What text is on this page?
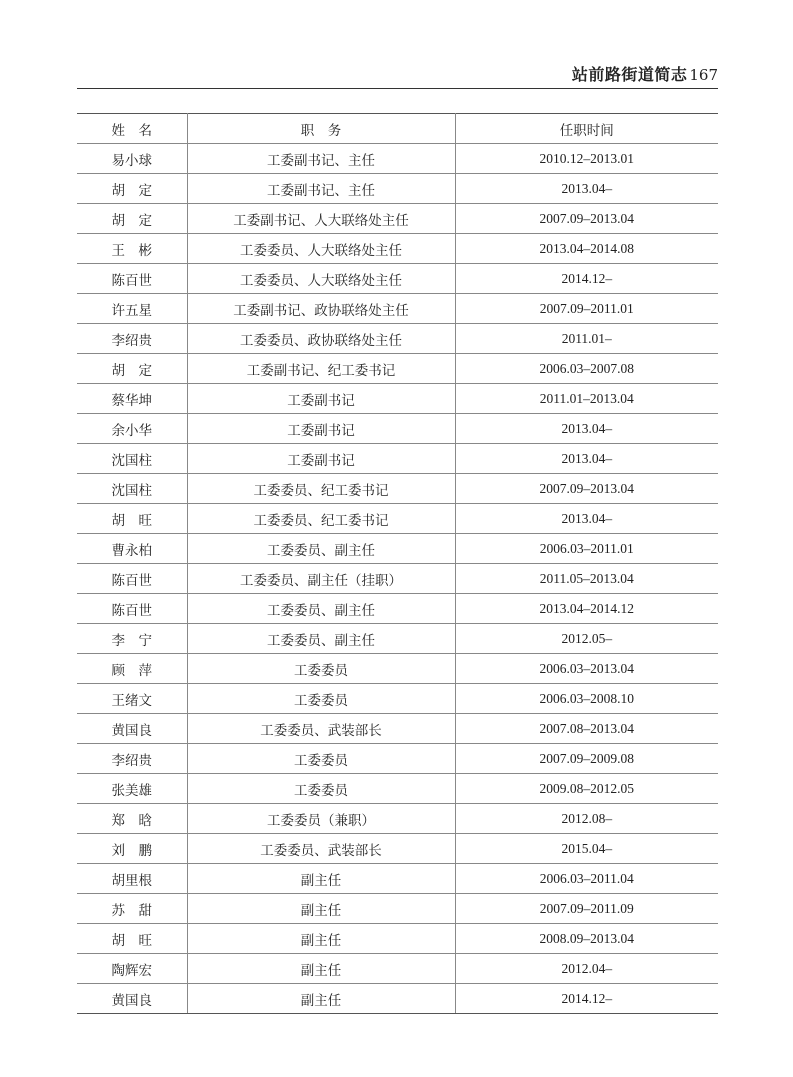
站前路街道简志 167
姓　名	职　务	任职时间
易小球	工委副书记、主任	2010.12–2013.01
胡　定	工委副书记、主任	2013.04–
胡　定	工委副书记、人大联络处主任	2007.09–2013.04
王　彬	工委委员、人大联络处主任	2013.04–2014.08
陈百世	工委委员、人大联络处主任	2014.12–
许五星	工委副书记、政协联络处主任	2007.09–2011.01
李绍贵	工委委员、政协联络处主任	2011.01–
胡　定	工委副书记、纪工委书记	2006.03–2007.08
蔡华坤	工委副书记	2011.01–2013.04
余小华	工委副书记	2013.04–
沈国柱	工委副书记	2013.04–
沈国柱	工委委员、纪工委书记	2007.09–2013.04
胡　旺	工委委员、纪工委书记	2013.04–
曹永柏	工委委员、副主任	2006.03–2011.01
陈百世	工委委员、副主任（挂职）	2011.05–2013.04
陈百世	工委委员、副主任	2013.04–2014.12
李　宁	工委委员、副主任	2012.05–
顾　萍	工委委员	2006.03–2013.04
王绪文	工委委员	2006.03–2008.10
黄国良	工委委员、武装部长	2007.08–2013.04
李绍贵	工委委员	2007.09–2009.08
张美雄	工委委员	2009.08–2012.05
郑　晗	工委委员（兼职）	2012.08–
刘　鹏	工委委员、武装部长	2015.04–
胡里根	副主任	2006.03–2011.04
苏　甜	副主任	2007.09–2011.09
胡　旺	副主任	2008.09–2013.04
陶辉宏	副主任	2012.04–
黄国良	副主任	2014.12–
